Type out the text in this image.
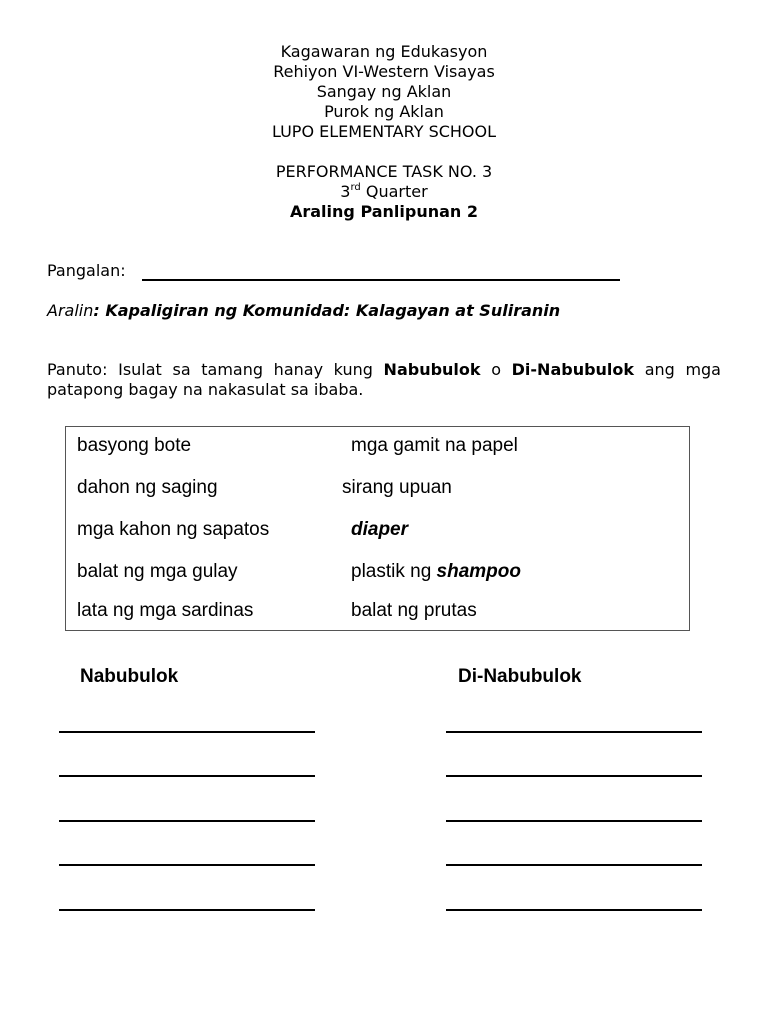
Kagawaran ng Edukasyon
Rehiyon VI-Western Visayas
Sangay ng Aklan
Purok ng Aklan
LUPO ELEMENTARY SCHOOL
PERFORMANCE TASK NO. 3
3rd Quarter
Araling Panlipunan 2
Pangalan:
Aralin: Kapaligiran ng Komunidad: Kalagayan at Suliranin
Panuto: Isulat sa tamang hanay kung Nabubulok o Di-Nabubulok ang mga patapong bagay na nakasulat sa ibaba.
basyong bote
dahon ng saging
mga kahon ng sapatos
balat ng mga gulay
lata ng mga sardinas
mga gamit na papel
sirang upuan
diaper
plastik ng shampoo
balat ng prutas
Nabubulok	Di-Nabubulok
